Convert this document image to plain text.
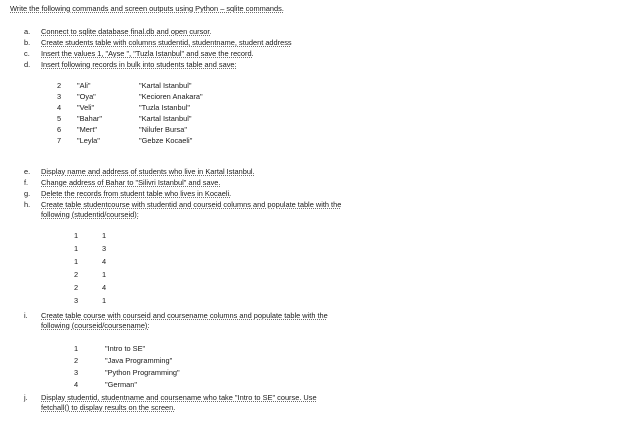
Write the following commands and screen outputs using Python – sqlite commands.
a. Connect to sqlite database final.db and open cursor.
b. Create students table with columns studentid, studentname, student address
c. Insert the values 1, "Ayse ", "Tuzla Istanbul" and save the record.
d. Insert following records in bulk into students table and save:
2 "Ali"	"Kartal Istanbul"
3 "Oya"	"Kecioren Anakara"
4 "Veli"	"Tuzla Istanbul"
5 "Bahar"	"Kartal Istanbul"
6 "Mert"	"Nilufer Bursa"
7 "Leyla"	"Gebze Kocaeli"
e. Display name and address of students who live in Kartal Istanbul.
f. Change address of Bahar to "Silivri Istanbul" and save.
g. Delete the records from student table who lives in Kocaeli.
h. Create table studentcourse with studentid and courseid columns and populate table with the
following (studentid/courseid):
1	1
1	3
1	4
2	1
2	4
3	1
i. Create table course with courseid and coursename columns and populate table with the
following (courseid/coursename):
1	"Intro to SE"
2	"Java Programming"
3	"Python Programming"
4	"German"
j. Display studentid, studentname and coursename who take "Intro to SE" course. Use
fetchall() to display results on the screen.
